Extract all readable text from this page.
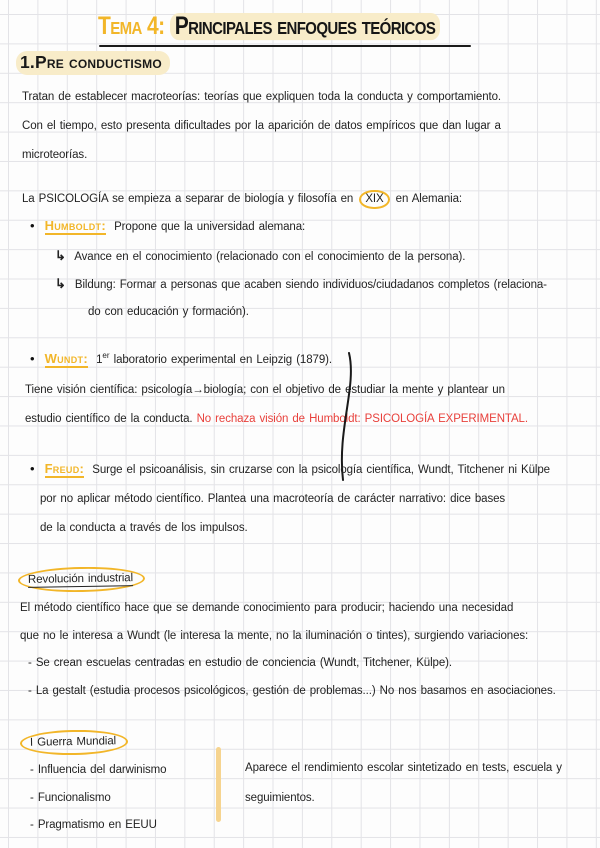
Tema 4: Principales enfoques teóricos
1.Pre conductismo
Tratan de establecer macroteorías: teorías que expliquen toda la conducta y comportamiento.
Con el tiempo, esto presenta dificultades por la aparición de datos empíricos que dan lugar a
microteorías.
La PSICOLOGÍA se empieza a separar de biología y filosofía en XIX en Alemania:
• Humboldt: Propone que la universidad alemana:
↳ Avance en el conocimiento (relacionado con el conocimiento de la persona).
↳ Bildung: Formar a personas que acaben siendo individuos/ciudadanos completos (relaciona-
do con educación y formación).
• Wundt: 1er laboratorio experimental en Leipzig (1879).
Tiene visión científica: psicología→biología; con el objetivo de estudiar la mente y plantear un
estudio científico de la conducta. No rechaza visión de Humboldt: PSICOLOGÍA EXPERIMENTAL.
• Freud: Surge el psicoanálisis, sin cruzarse con la psicología científica, Wundt, Titchener ni Külpe
por no aplicar método científico. Plantea una macroteoría de carácter narrativo: dice bases
de la conducta a través de los impulsos.
Revolución industrial
El método científico hace que se demande conocimiento para producir; haciendo una necesidad
que no le interesa a Wundt (le interesa la mente, no la iluminación o tintes), surgiendo variaciones:
- Se crean escuelas centradas en estudio de conciencia (Wundt, Titchener, Külpe).
- La gestalt (estudia procesos psicológicos, gestión de problemas...) No nos basamos en asociaciones.
I Guerra Mundial
- Influencia del darwinismo
- Funcionalismo
- Pragmatismo en EEUU
Aparece el rendimiento escolar sintetizado en tests, escuela y
seguimientos.
